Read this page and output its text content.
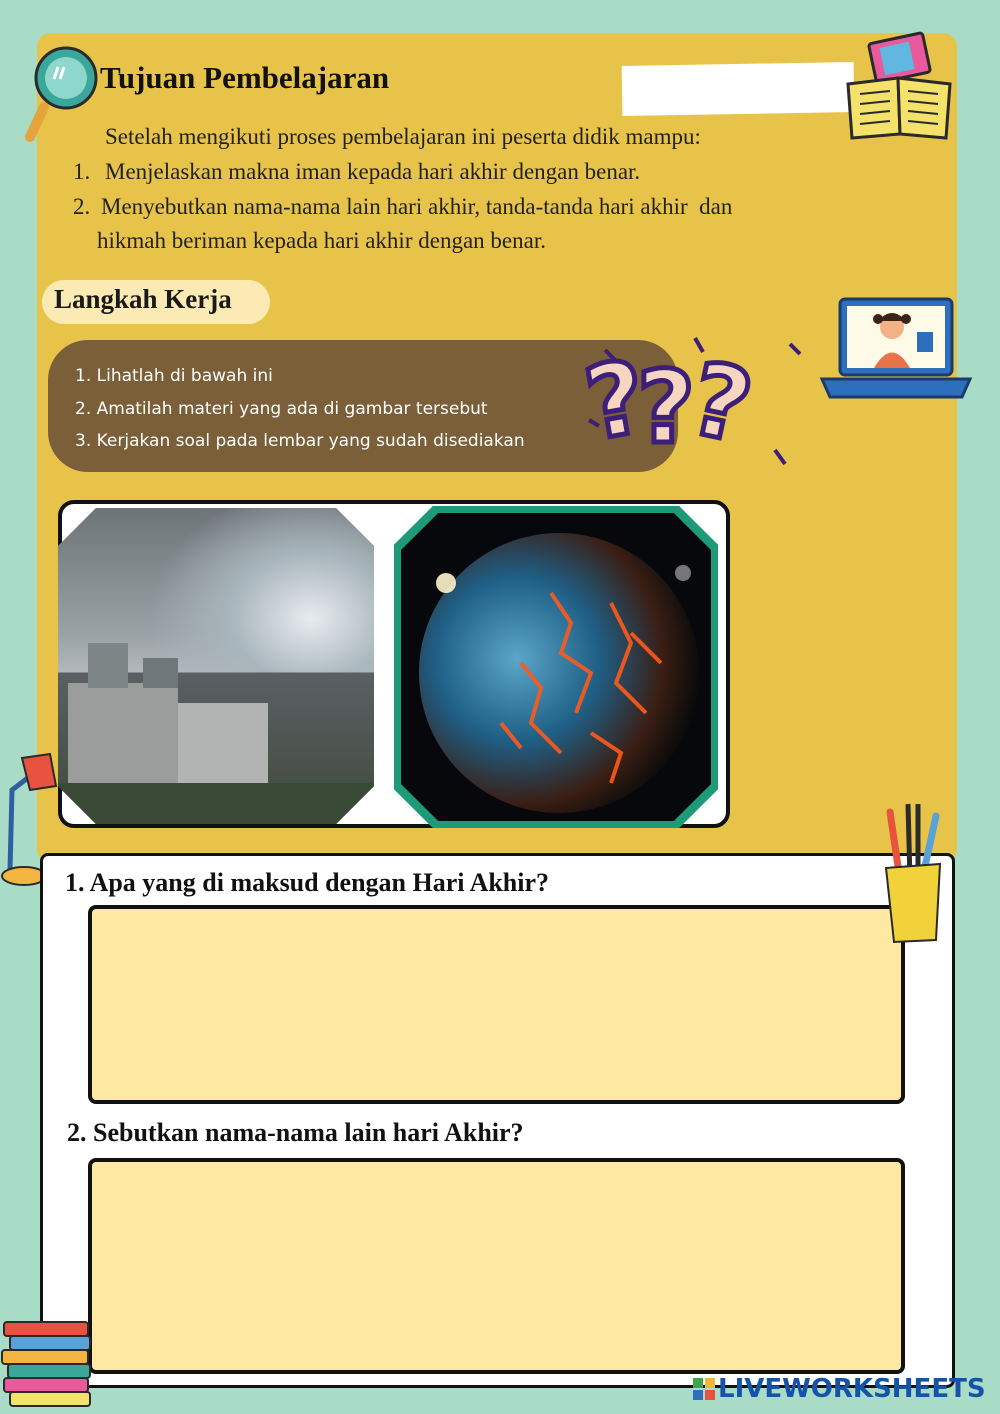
Tujuan Pembelajaran
Setelah mengikuti proses pembelajaran ini peserta didik mampu:
1. Menjelaskan makna iman kepada hari akhir dengan benar.
2. Menyebutkan nama-nama lain hari akhir, tanda-tanda hari akhir  dan
hikmah beriman kepada hari akhir dengan benar.
Langkah Kerja
1. Lihatlah di bawah ini
2. Amatilah materi yang ada di gambar tersebut
3. Kerjakan soal pada lembar yang sudah disediakan ?
?
?
1. Apa yang di maksud dengan Hari Akhir?
2. Sebutkan nama-nama lain hari Akhir?
LIVEWORKSHEETS
